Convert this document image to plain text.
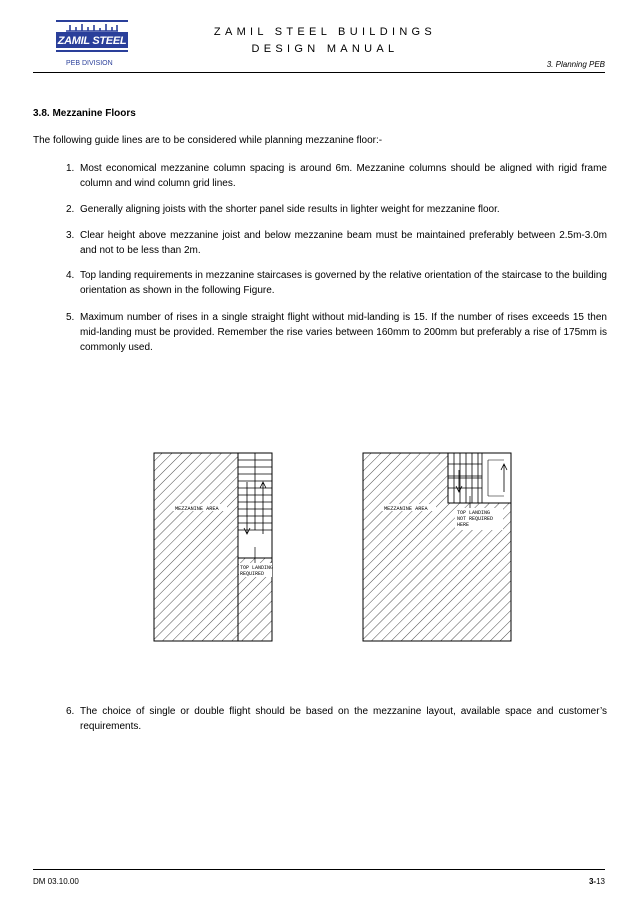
ZAMIL STEEL
PEB DIVISION
ZAMIL STEEL BUILDINGS
DESIGN MANUAL
3. Planning PEB
3.8. Mezzanine Floors
The following guide lines are to be considered while planning mezzanine floor:-
1. Most economical mezzanine column spacing is around 6m. Mezzanine columns should be aligned with rigid frame column and wind column grid lines.
2. Generally aligning joists with the shorter panel side results in lighter weight for mezzanine floor.
3. Clear height above mezzanine joist and below mezzanine beam must be maintained preferably between 2.5m-3.0m and not to be less than 2m.
4. Top landing requirements in mezzanine staircases is governed by the relative orientation of the staircase to the building orientation as shown in the following Figure.
5. Maximum number of rises in a single straight flight without mid-landing is 15. If the number of rises exceeds 15 then mid-landing must be provided. Remember the rise varies between 160mm to 200mm but preferably a rise of 175mm is commonly used.
MEZZANINE AREA
TOP LANDING
REQUIRED
MEZZANINE AREA
TOP LANDING
NOT REQUIRED
HERE
6. The choice of single or double flight should be based on the mezzanine layout, available space and customer’s requirements.
DM 03.10.00	3-13
